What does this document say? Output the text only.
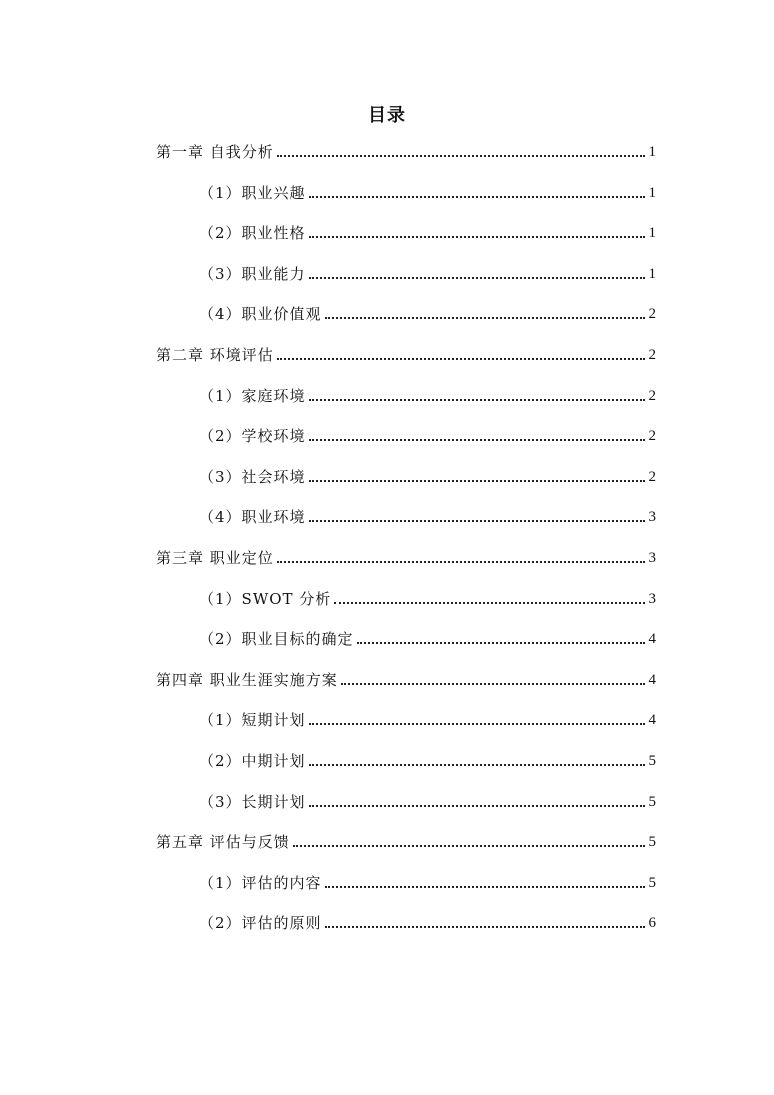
目录
第一章 自我分析	1
（1）职业兴趣	1
（2）职业性格	1
（3）职业能力	1
（4）职业价值观	2
第二章 环境评估	2
（1）家庭环境	2
（2）学校环境	2
（3）社会环境	2
（4）职业环境	3
第三章 职业定位	3
（1）SWOT 分析	3
（2）职业目标的确定	4
第四章 职业生涯实施方案	4
（1）短期计划	4
（2）中期计划	5
（3）长期计划	5
第五章 评估与反馈	5
（1）评估的内容	5
（2）评估的原则	6
